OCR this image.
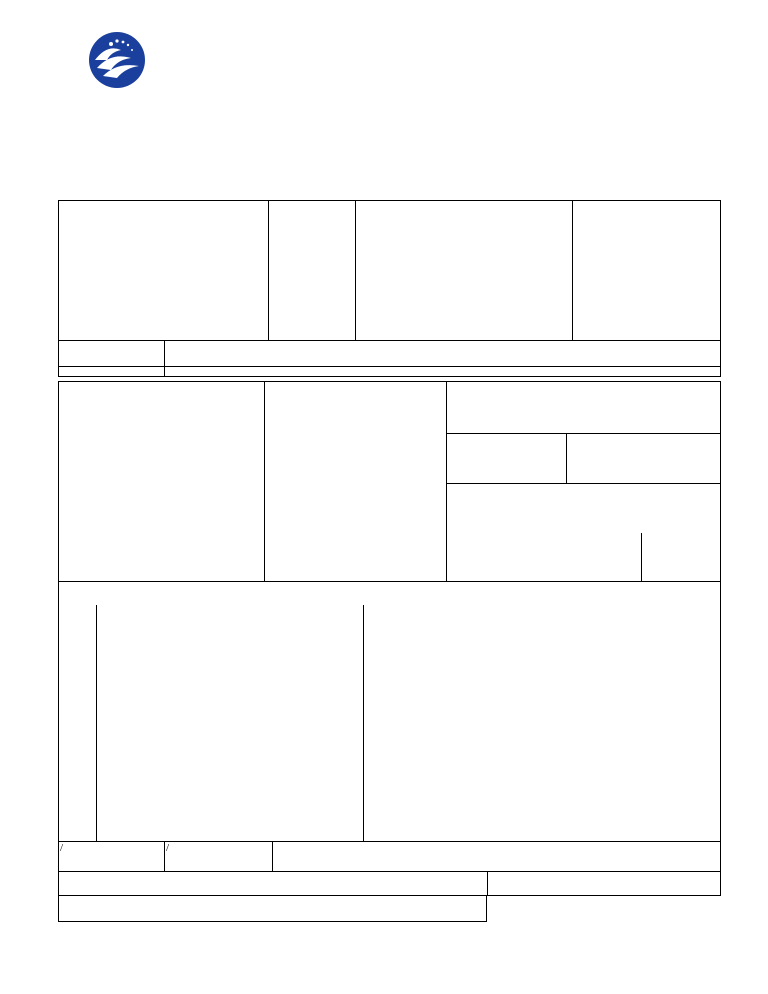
/	/
